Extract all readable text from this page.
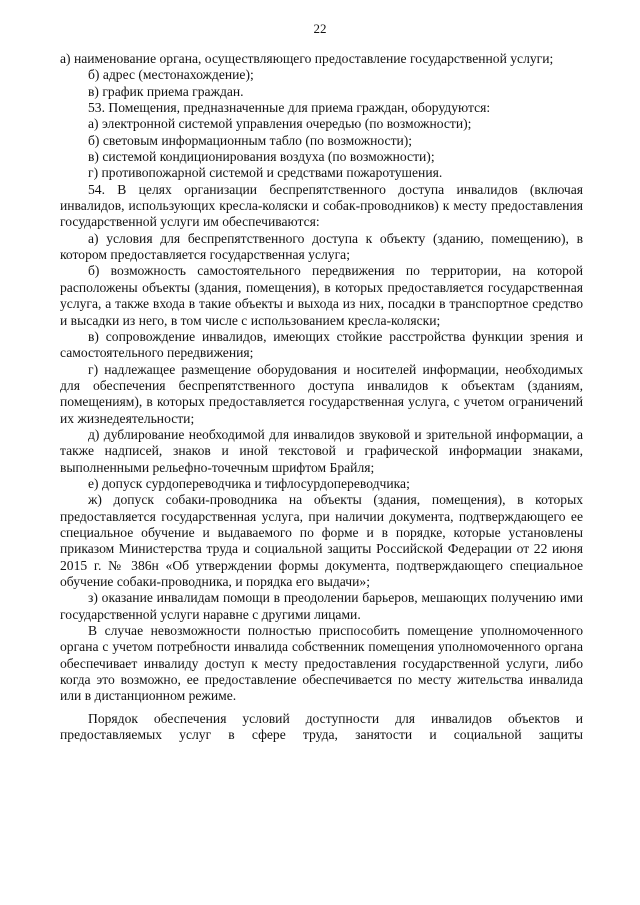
22

а) наименование органа, осуществляющего предоставление государственной услуги;

б) адрес (местонахождение);

в) график приема граждан.

53. Помещения, предназначенные для приема граждан, оборудуются:

а) электронной системой управления очередью (по возможности);

б) световым информационным табло (по возможности);

в) системой кондиционирования воздуха (по возможности);

г) противопожарной системой и средствами пожаротушения.

54. В целях организации беспрепятственного доступа инвалидов (включая инвалидов, использующих кресла-коляски и собак-проводников) к месту предоставления государственной услуги им обеспечиваются:

а) условия для беспрепятственного доступа к объекту (зданию, помещению), в котором предоставляется государственная услуга;

б) возможность самостоятельного передвижения по территории, на которой расположены объекты (здания, помещения), в которых предоставляется государственная услуга, а также входа в такие объекты и выхода из них, посадки в транспортное средство и высадки из него, в том числе с использованием кресла-коляски;

в) сопровождение инвалидов, имеющих стойкие расстройства функции зрения и самостоятельного передвижения;

г) надлежащее размещение оборудования и носителей информации, необходимых для обеспечения беспрепятственного доступа инвалидов к объектам (зданиям, помещениям), в которых предоставляется государственная услуга, с учетом ограничений их жизнедеятельности;

д) дублирование необходимой для инвалидов звуковой и зрительной информации, а также надписей, знаков и иной текстовой и графической информации знаками, выполненными рельефно-точечным шрифтом Брайля;

е) допуск сурдопереводчика и тифлосурдопереводчика;

ж) допуск собаки-проводника на объекты (здания, помещения), в которых предоставляется государственная услуга, при наличии документа, подтверждающего ее специальное обучение и выдаваемого по форме и в порядке, которые установлены приказом Министерства труда и социальной защиты Российской Федерации от 22 июня 2015 г. № 386н «Об утверждении формы документа, подтверждающего специальное обучение собаки-проводника, и порядка его выдачи»;

з) оказание инвалидам помощи в преодолении барьеров, мешающих получению ими государственной услуги наравне с другими лицами.

В случае невозможности полностью приспособить помещение уполномоченного органа с учетом потребности инвалида собственник помещения уполномоченного органа обеспечивает инвалиду доступ к месту предоставления государственной услуги, либо когда это возможно, ее предоставление обеспечивается по месту жительства инвалида или в дистанционном режиме.

Порядок обеспечения условий доступности для инвалидов объектов и предоставляемых услуг в сфере труда, занятости и социальной защиты
